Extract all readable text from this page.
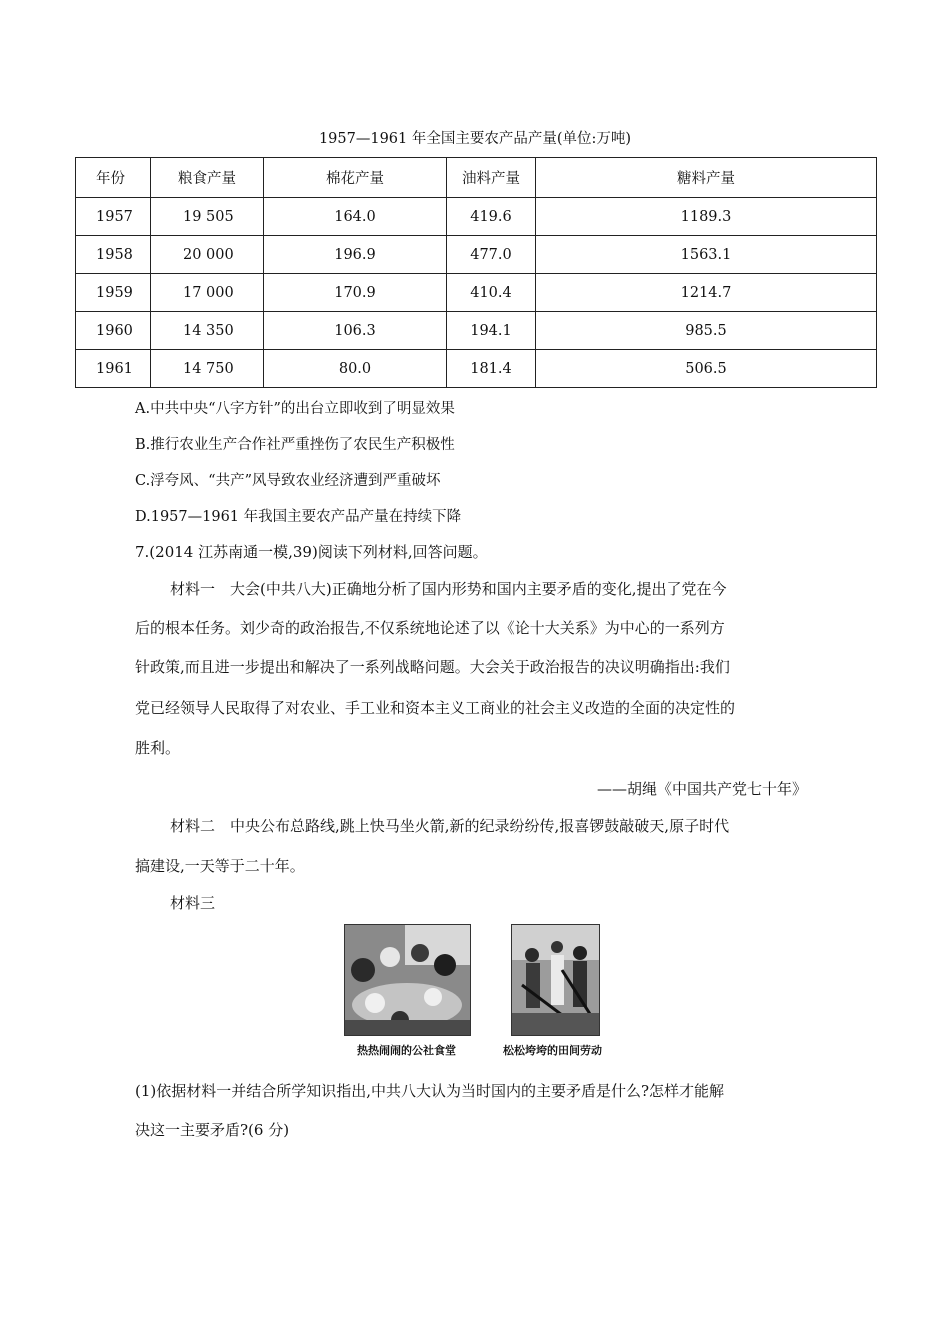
1957—1961 年全国主要农产品产量(单位:万吨)
年份	粮食产量	棉花产量	油料产量	糖料产量
1957	19 505	164.0	419.6	1189.3
1958	20 000	196.9	477.0	1563.1
1959	17 000	170.9	410.4	1214.7
1960	14 350	106.3	194.1	985.5
1961	14 750	80.0	181.4	506.5
A.中共中央“八字方针”的出台立即收到了明显效果
B.推行农业生产合作社严重挫伤了农民生产积极性
C.浮夸风、“共产”风导致农业经济遭到严重破坏
D.1957—1961 年我国主要农产品产量在持续下降
7.(2014 江苏南通一模,39)阅读下列材料,回答问题。
材料一　大会(中共八大)正确地分析了国内形势和国内主要矛盾的变化,提出了党在今
后的根本任务。刘少奇的政治报告,不仅系统地论述了以《论十大关系》为中心的一系列方
针政策,而且进一步提出和解决了一系列战略问题。大会关于政治报告的决议明确指出:我们
党已经领导人民取得了对农业、手工业和资本主义工商业的社会主义改造的全面的决定性的
胜利。
——胡绳《中国共产党七十年》
材料二　中央公布总路线,跳上快马坐火箭,新的纪录纷纷传,报喜锣鼓敲破天,原子时代
搞建设,一天等于二十年。
材料三
热热闹闹的公社食堂	松松垮垮的田间劳动
(1)依据材料一并结合所学知识指出,中共八大认为当时国内的主要矛盾是什么?怎样才能解
决这一主要矛盾?(6 分)
